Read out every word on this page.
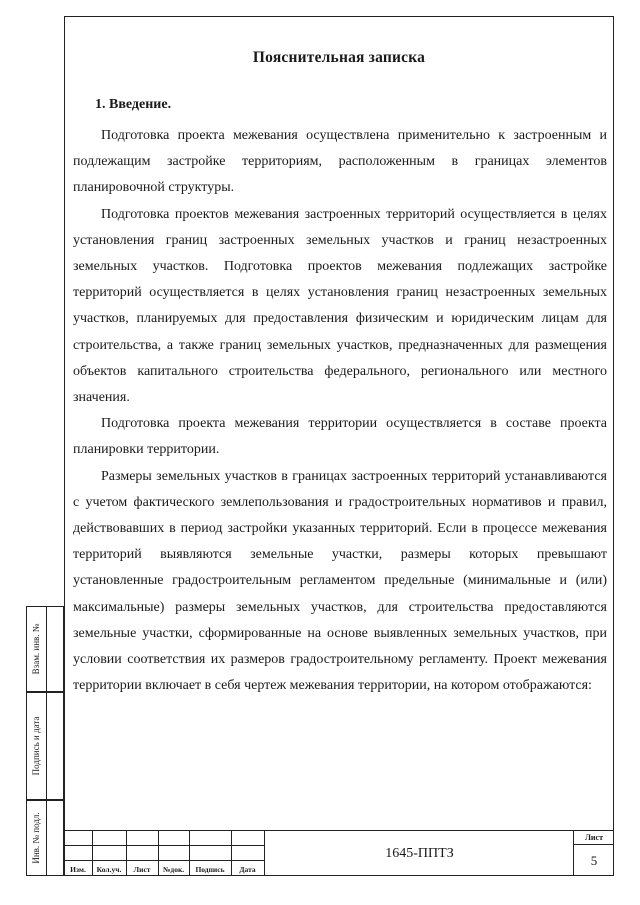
Пояснительная записка
1. Введение.

Подготовка проекта межевания осуществлена применительно к застроенным и подлежащим застройке территориям, расположенным в границах элементов планировочной структуры.

Подготовка проектов межевания застроенных территорий осуществляется в целях установления границ застроенных земельных участков и границ незастроенных земельных участков. Подготовка проектов межевания подлежащих застройке территорий осуществляется в целях установления границ незастроенных земельных участков, планируемых для предоставления физическим и юридическим лицам для строительства, а также границ земельных участков, предназначенных для размещения объектов капитального строительства федерального, регионального или местного значения.

Подготовка проекта межевания территории осуществляется в составе проекта планировки территории.

Размеры земельных участков в границах застроенных территорий устанавливаются с учетом фактического землепользования и градостроительных нормативов и правил, действовавших в период застройки указанных территорий. Если в процессе межевания территорий выявляются земельные участки, размеры которых превышают установленные градостроительным регламентом предельные (минимальные и (или) максимальные) размеры земельных участков, для строительства предоставляются земельные участки, сформированные на основе выявленных земельных участков, при условии соответствия их размеров градостроительному регламенту. Проект межевания территории включает в себя чертеж межевания территории, на котором отображаются:

Взам. инв. №
Подпись и дата
Инв. № подл.
Изм.	Кол.уч.	Лист	№док.	Подпись	Дата
1645-ППТЗ
Лист
5
